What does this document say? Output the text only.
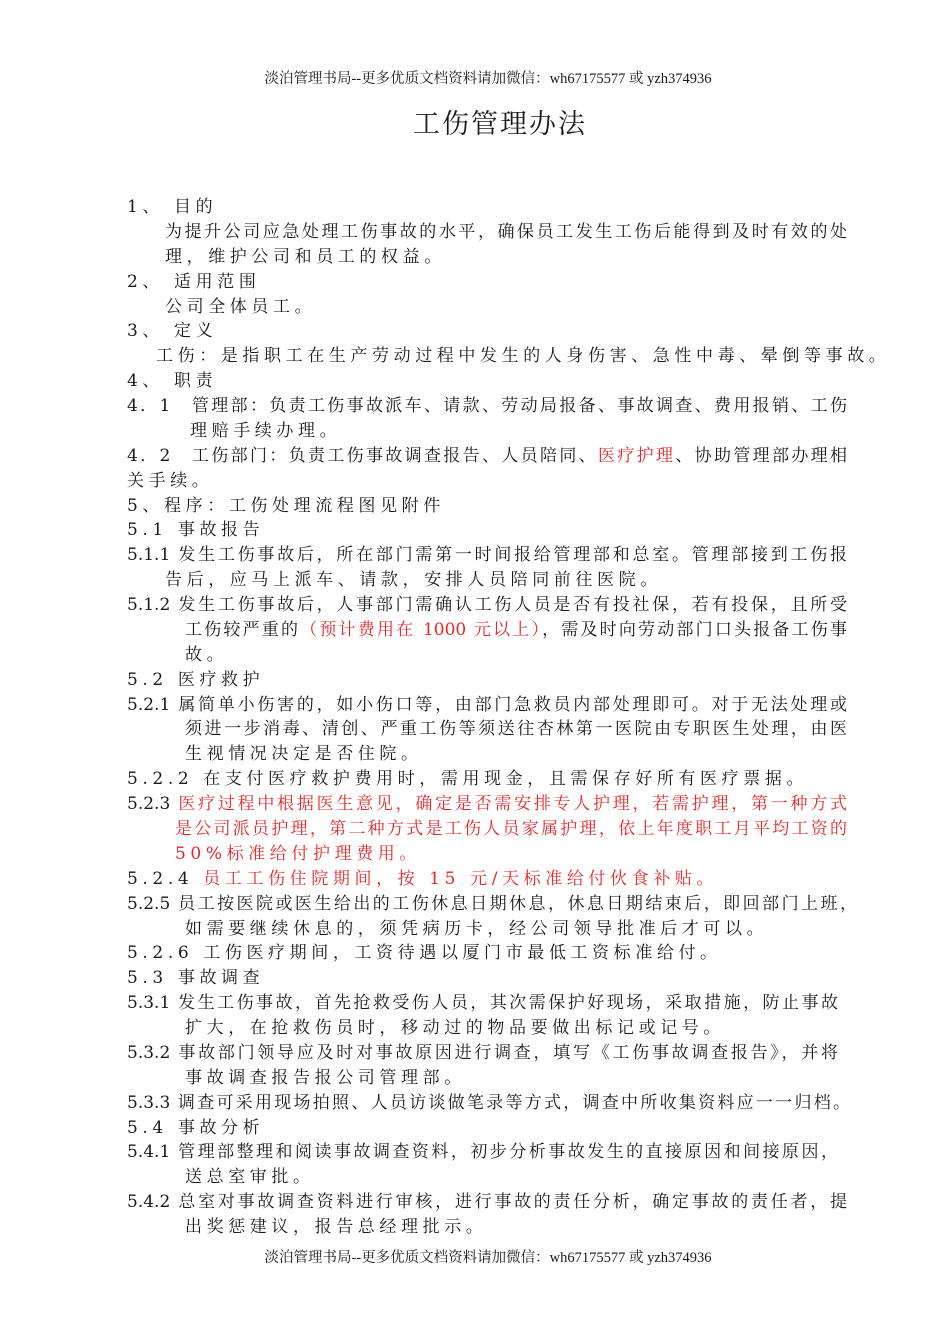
淡泊管理书局--更多优质文档资料请加微信：wh67175577 或 yzh374936
工伤管理办法
1、 目的
为提升公司应急处理工伤事故的水平，确保员工发生工伤后能得到及时有效的处
理，维护公司和员工的权益。
2、 适用范围
公司全体员工。
3、 定义
工伤：是指职工在生产劳动过程中发生的人身伤害、急性中毒、晕倒等事故。
4、 职责
4．1　管理部：负责工伤事故派车、请款、劳动局报备、事故调查、费用报销、工伤
理赔手续办理。
4．2　工伤部门：负责工伤事故调查报告、人员陪同、医疗护理、协助管理部办理相
关手续。
5、程序：工伤处理流程图见附件
5.1 事故报告
5.1.1 发生工伤事故后，所在部门需第一时间报给管理部和总室。管理部接到工伤报
告后，应马上派车、请款，安排人员陪同前往医院。
5.1.2 发生工伤事故后，人事部门需确认工伤人员是否有投社保，若有投保，且所受
工伤较严重的（预计费用在 1000 元以上），需及时向劳动部门口头报备工伤事
故。
5.2 医疗救护
5.2.1 属简单小伤害的，如小伤口等，由部门急救员内部处理即可。对于无法处理或
须进一步消毒、清创、严重工伤等须送往杏林第一医院由专职医生处理，由医
生视情况决定是否住院。
5.2.2 在支付医疗救护费用时，需用现金，且需保存好所有医疗票据。
5.2.3 医疗过程中根据医生意见，确定是否需安排专人护理，若需护理，第一种方式
是公司派员护理，第二种方式是工伤人员家属护理，依上年度职工月平均工资的
50%标准给付护理费用。
5.2.4 员工工伤住院期间，按 15 元/天标准给付伙食补贴。
5.2.5 员工按医院或医生给出的工伤休息日期休息，休息日期结束后，即回部门上班，
如需要继续休息的，须凭病历卡，经公司领导批准后才可以。
5.2.6 工伤医疗期间，工资待遇以厦门市最低工资标准给付。
5.3 事故调查
5.3.1 发生工伤事故，首先抢救受伤人员，其次需保护好现场，采取措施，防止事故
扩大，在抢救伤员时，移动过的物品要做出标记或记号。
5.3.2 事故部门领导应及时对事故原因进行调查，填写《工伤事故调查报告》，并将
事故调查报告报公司管理部。
5.3.3 调查可采用现场拍照、人员访谈做笔录等方式，调查中所收集资料应一一归档。
5.4 事故分析
5.4.1 管理部整理和阅读事故调查资料，初步分析事故发生的直接原因和间接原因，
送总室审批。
5.4.2 总室对事故调查资料进行审核，进行事故的责任分析，确定事故的责任者，提
出奖惩建议，报告总经理批示。
淡泊管理书局--更多优质文档资料请加微信：wh67175577 或 yzh374936
